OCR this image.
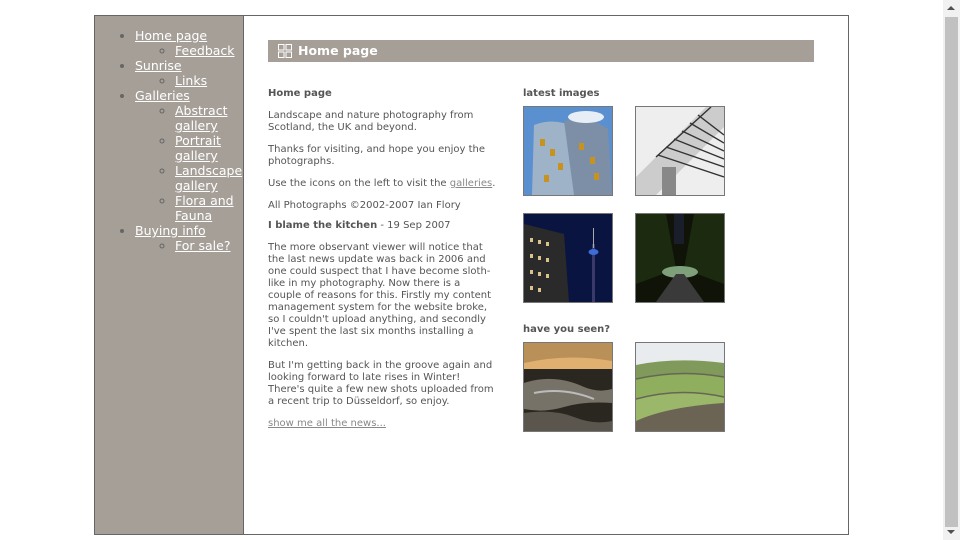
• Home page
◦ Feedback
• Sunrise
◦ Links
• Galleries
◦ Abstract gallery
◦ Portrait gallery
◦ Landscape gallery
◦ Flora and Fauna
• Buying info
◦ For sale?
Home page

Home page

Landscape and nature photography from Scotland, the UK and beyond.

Thanks for visiting, and hope you enjoy the photographs.

Use the icons on the left to visit the galleries.

All Photographs ©2002-2007 Ian Flory

I blame the kitchen - 19 Sep 2007

The more observant viewer will notice that the last news update was back in 2006 and one could suspect that I have become sloth-like in my photography. Now there is a couple of reasons for this. Firstly my content management system for the website broke, so I couldn't upload anything, and secondly I've spent the last six months installing a kitchen.

But I'm getting back in the groove again and looking forward to late rises in Winter! There's quite a few new shots uploaded from a recent trip to Düsseldorf, so enjoy.

show me all the news...

latest images
have you seen?
